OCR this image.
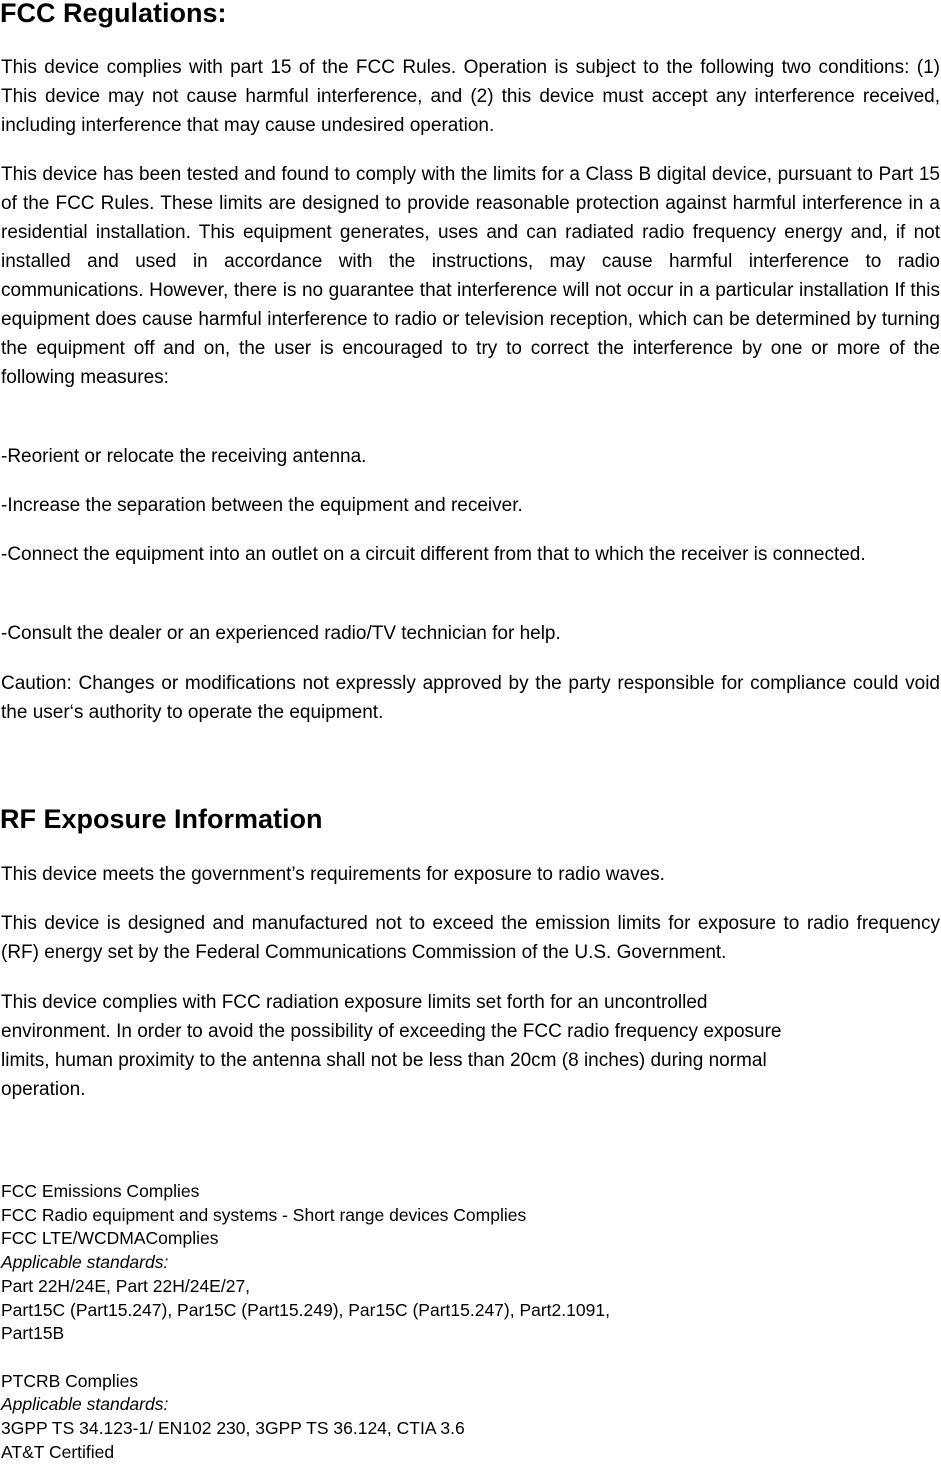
FCC Regulations:

This device complies with part 15 of the FCC Rules. Operation is subject to the following two conditions: (1) This device may not cause harmful interference, and (2) this device must accept any interference received, including interference that may cause undesired operation.

This device has been tested and found to comply with the limits for a Class B digital device, pursuant to Part 15 of the FCC Rules. These limits are designed to provide reasonable protection against harmful interference in a residential installation. This equipment generates, uses and can radiated radio frequency energy and, if not installed and used in accordance with the instructions, may cause harmful interference to radio communications. However, there is no guarantee that interference will not occur in a particular installation If this equipment does cause harmful interference to radio or television reception, which can be determined by turning the equipment off and on, the user is encouraged to try to correct the interference by one or more of the following measures:

-Reorient or relocate the receiving antenna.

-Increase the separation between the equipment and receiver.

-Connect the equipment into an outlet on a circuit different from that to which the receiver is connected.

-Consult the dealer or an experienced radio/TV technician for help.

Caution: Changes or modifications not expressly approved by the party responsible for compliance could void the user‘s authority to operate the equipment.

RF Exposure Information

This device meets the government’s requirements for exposure to radio waves.

This device is designed and manufactured not to exceed the emission limits for exposure to radio frequency (RF) energy set by the Federal Communications Commission of the U.S. Government.

This device complies with FCC radiation exposure limits set forth for an uncontrolled
environment. In order to avoid the possibility of exceeding the FCC radio frequency exposure
limits, human proximity to the antenna shall not be less than 20cm (8 inches) during normal
operation.
FCC Emissions Complies
FCC Radio equipment and systems - Short range devices Complies
FCC LTE/WCDMAComplies
Applicable standards:
Part 22H/24E, Part 22H/24E/27,
Part15C (Part15.247), Par15C (Part15.249), Par15C (Part15.247), Part2.1091,
Part15B
PTCRB Complies
Applicable standards:
3GPP TS 34.123-1/ EN102 230, 3GPP TS 36.124, CTIA 3.6
AT&T Certified
